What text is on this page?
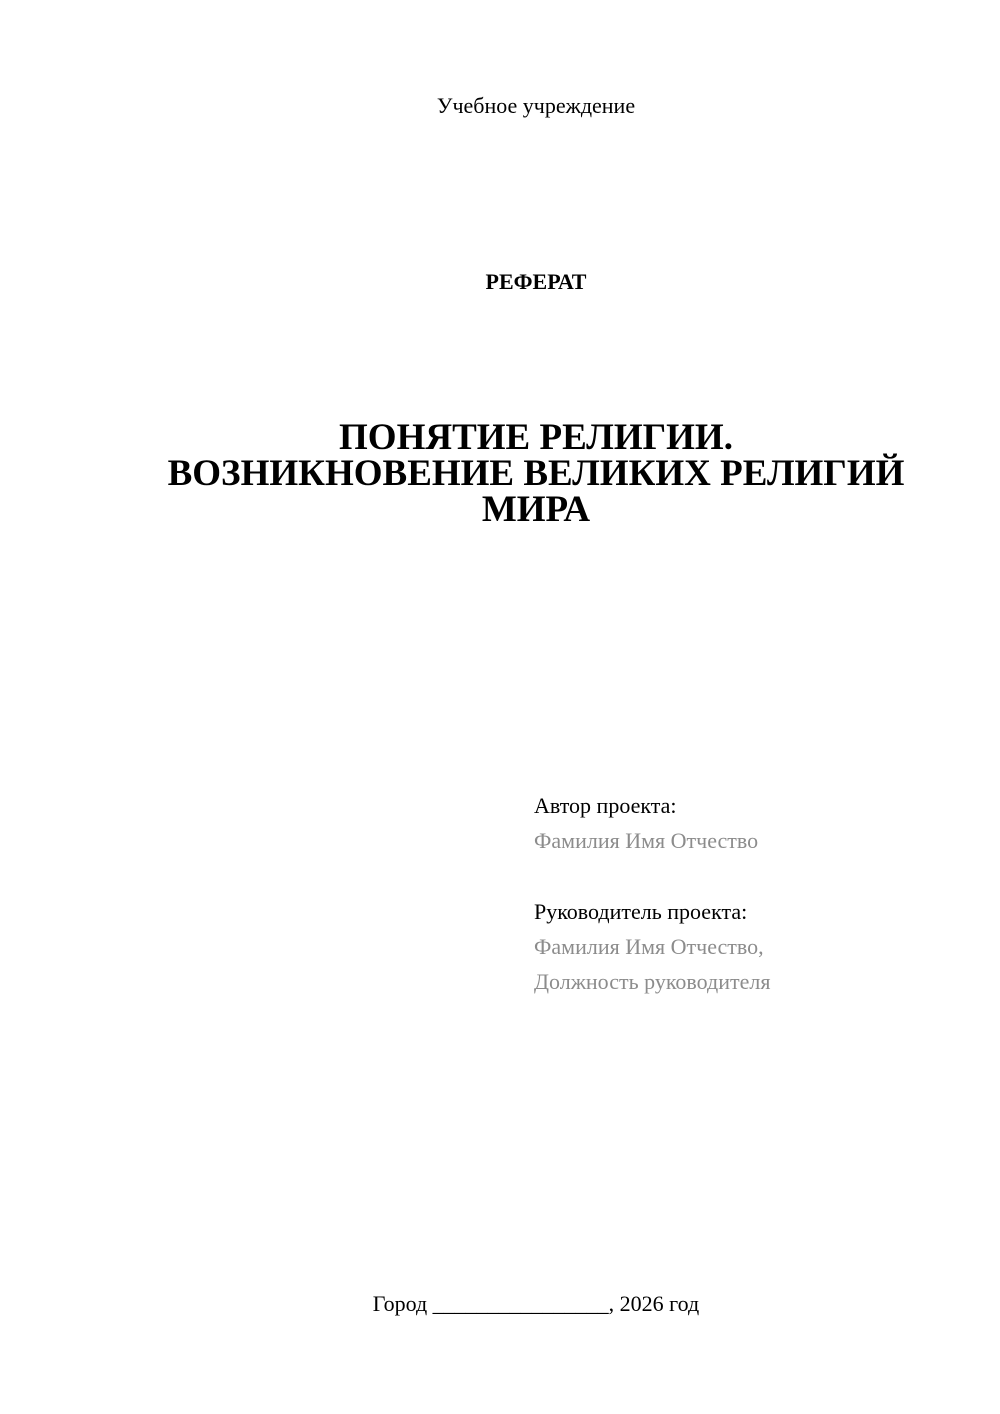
Учебное учреждение
РЕФЕРАТ
ПОНЯТИЕ РЕЛИГИИ.
ВОЗНИКНОВЕНИЕ ВЕЛИКИХ РЕЛИГИЙ
МИРА
Автор проекта:
Фамилия Имя Отчество
Руководитель проекта:
Фамилия Имя Отчество,
Должность руководителя
Город ________________, 2026 год
